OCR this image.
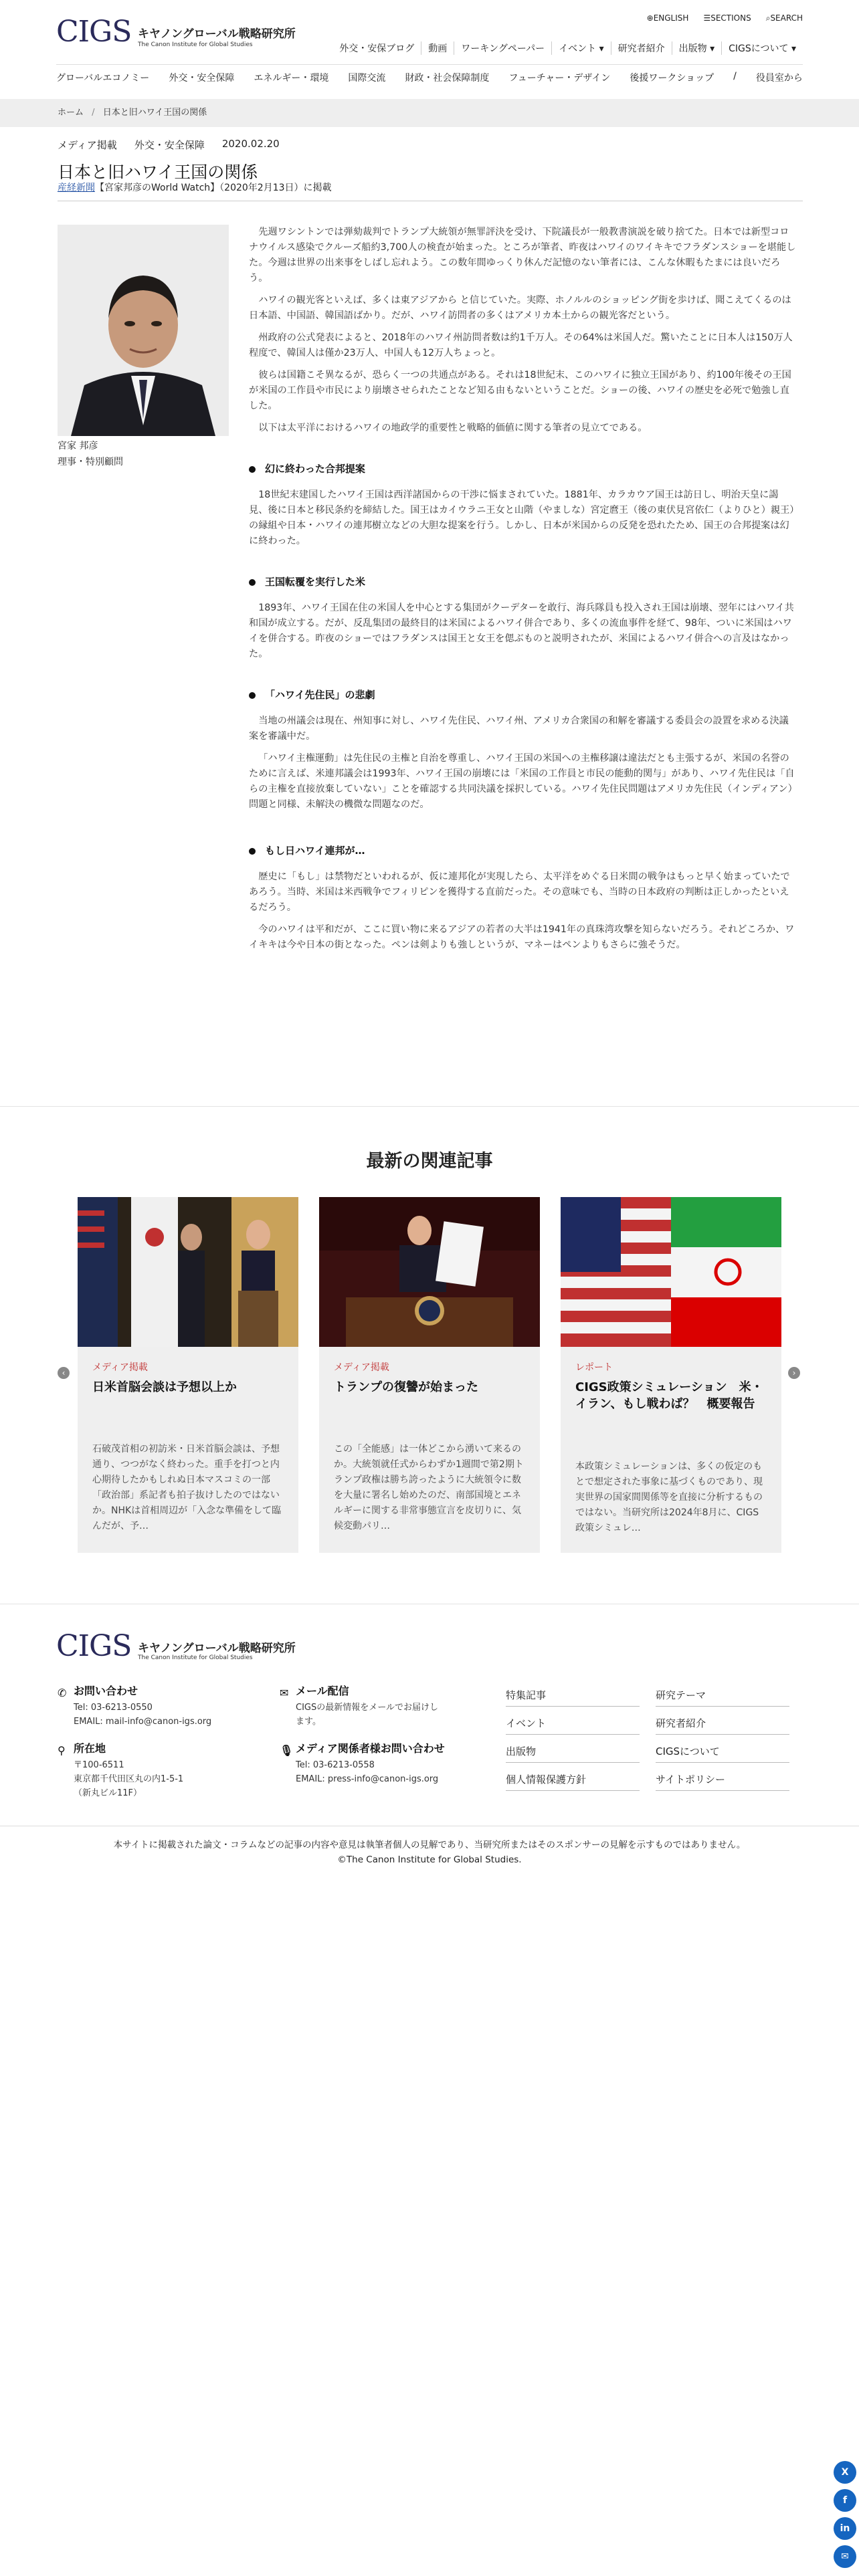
CIGS キヤノングローバル戦略研究所
The Canon Institute for Global Studies
⊕ENGLISH ☰SECTIONS ⌕SEARCH
外交・安保ブログ	動画	ワーキングペーパー	イベント ▾	研究者紹介	出版物 ▾	CIGSについて ▾
グローバルエコノミー 外交・安全保障 エネルギー・環境 国際交流 財政・社会保障制度 フューチャー・デザイン 後援ワークショップ / 役員室から
ホーム / 日本と旧ハワイ王国の関係
メディア掲載 外交・安全保障 2020.02.20
日本と旧ハワイ王国の関係
産経新聞【宮家邦彦のWorld Watch】（2020年2月13日）に掲載
宮家 邦彦
理事・特別顧問

先週ワシントンでは弾劾裁判でトランプ大統領が無罪評決を受け、下院議長が一般教書演説を破り捨てた。日本では新型コロナウイルス感染でクルーズ船約3,700人の検査が始まった。ところが筆者、昨夜はハワイのワイキキでフラダンスショーを堪能した。今週は世界の出来事をしばし忘れよう。この数年間ゆっくり休んだ記憶のない筆者には、こんな休暇もたまには良いだろう。

ハワイの観光客といえば、多くは東アジアから と信じていた。実際、ホノルルのショッピング街を歩けば、聞こえてくるのは日本語、中国語、韓国語ばかり。だが、ハワイ訪問者の多くはアメリカ本土からの観光客だという。

州政府の公式発表によると、2018年のハワイ州訪問者数は約1千万人。その64%は米国人だ。驚いたことに日本人は150万人程度で、韓国人は僅か23万人、中国人も12万人ちょっと。

彼らは国籍こそ異なるが、恐らく一つの共通点がある。それは18世紀末、このハワイに独立王国があり、約100年後その王国が米国の工作員や市民により崩壊させられたことなど知る由もないということだ。ショーの後、ハワイの歴史を必死で勉強し直した。

以下は太平洋におけるハワイの地政学的重要性と戦略的価値に関する筆者の見立てである。

幻に終わった合邦提案

18世紀末建国したハワイ王国は西洋諸国からの干渉に悩まされていた。1881年、カラカウア国王は訪日し、明治天皇に謁見、後に日本と移民条約を締結した。国王はカイウラニ王女と山階（やましな）宮定麿王（後の東伏見宮依仁（よりひと）親王）の縁組や日本・ハワイの連邦樹立などの大胆な提案を行う。しかし、日本が米国からの反発を恐れたため、国王の合邦提案は幻に終わった。

王国転覆を実行した米

1893年、ハワイ王国在住の米国人を中心とする集団がクーデターを敢行、海兵隊員も投入され王国は崩壊、翌年にはハワイ共和国が成立する。だが、反乱集団の最終目的は米国によるハワイ併合であり、多くの流血事件を経て、98年、ついに米国はハワイを併合する。昨夜のショーではフラダンスは国王と女王を偲ぶものと説明されたが、米国によるハワイ併合への言及はなかった。

「ハワイ先住民」の悲劇

当地の州議会は現在、州知事に対し、ハワイ先住民、ハワイ州、アメリカ合衆国の和解を審議する委員会の設置を求める決議案を審議中だ。

「ハワイ主権運動」は先住民の主権と自治を尊重し、ハワイ王国の米国への主権移譲は違法だとも主張するが、米国の名誉のために言えば、米連邦議会は1993年、ハワイ王国の崩壊には「米国の工作員と市民の能動的関与」があり、ハワイ先住民は「自らの主権を直接放棄していない」ことを確認する共同決議を採択している。ハワイ先住民問題はアメリカ先住民（インディアン）問題と同様、未解決の機微な問題なのだ。

もし日ハワイ連邦が…

歴史に「もし」は禁物だといわれるが、仮に連邦化が実現したら、太平洋をめぐる日米間の戦争はもっと早く始まっていたであろう。当時、米国は米西戦争でフィリピンを獲得する直前だった。その意味でも、当時の日本政府の判断は正しかったといえるだろう。

今のハワイは平和だが、ここに買い物に来るアジアの若者の大半は1941年の真珠湾攻撃を知らないだろう。それどころか、ワイキキは今や日本の街となった。ペンは剣よりも強しというが、マネーはペンよりもさらに強そうだ。

最新の関連記事
‹	›
メディア掲載
日米首脳会談は予想以上か
石破茂首相の初訪米・日米首脳会談は、予想通り、つつがなく終わった。重手を打つと内心期待したかもしれぬ日本マスコミの一部「政治部」系記者も拍子抜けしたのではないか。NHKは首相周辺が「入念な準備をして臨んだが、予…
メディア掲載
トランプの復讐が始まった
この「全能感」は一体どこから湧いて来るのか。大統領就任式からわずか1週間で第2期トランプ政権は勝ち誇ったように大統領令に数を大量に署名し始めたのだ、南部国境とエネルギーに関する非常事態宣言を皮切りに、気候変動パリ…
レポート
CIGS政策シミュレーション　米・イラン、もし戦わば？　概要報告
本政策シミュレーションは、多くの仮定のもとで想定された事象に基づくものであり、現実世界の国家間関係等を直接に分析するものではない。当研究所は2024年8月に、CIGS 政策シミュレ…
CIGS キヤノングローバル戦略研究所
The Canon Institute for Global Studies
✆ お問い合わせ
Tel: 03-6213-0550
EMAIL: mail-info@canon-igs.org
⚲ 所在地
〒100-6511
東京都千代田区丸の内1-5-1
（新丸ビル11F）
✉ メール配信
CIGSの最新情報をメールでお届けします。
🎙 メディア関係者様お問い合わせ
Tel: 03-6213-0558
EMAIL: press-info@canon-igs.org
特集記事	研究テーマ
イベント	研究者紹介
出版物	CIGSについて
個人情報保護方針	サイトポリシー
本サイトに掲載された論文・コラムなどの記事の内容や意見は執筆者個人の見解であり、当研究所またはそのスポンサーの見解を示すものではありません。
©The Canon Institute for Global Studies.
X
f
in
✉
